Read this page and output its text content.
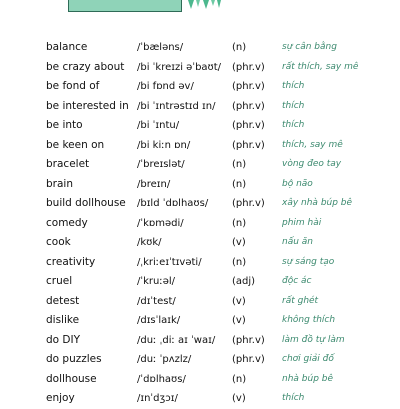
balance	/ˈbæləns/	(n)	sự cân bằng
be crazy about /bi ˈkreɪzi əˈbaʊt/ (phr.v) rất thích, say mê
be fond of	/bi fɒnd əv/	(phr.v) thích
be interested in /bi ˈɪntrəstɪd ɪn/ (phr.v) thích
be into	/bi ˈɪntu/	(phr.v) thích
be keen on	/bi kiːn ɒn/	(phr.v) thích, say mê
bracelet	/ˈbreɪslət/	(n)	vòng đeo tay
brain	/breɪn/	(n)	bộ não
build dollhouse /bɪld ˈdɒlhaʊs/ (phr.v) xây nhà búp bê
comedy	/ˈkɒmədi/	(n)	phim hài
cook	/kʊk/	(v)	nấu ăn
creativity	/ˌkriːeɪˈtɪvəti/	(n)	sự sáng tạo
cruel	/ˈkruːəl/	(adj)	độc ác
detest	/dɪˈtest/	(v)	rất ghét
dislike	/dɪsˈlaɪk/	(v)	không thích
do DIY	/duː ˌdiː aɪ ˈwaɪ/ (phr.v) làm đồ tự làm
do puzzles	/duː ˈpʌzlz/	(phr.v) chơi giải đố
dollhouse	/ˈdɒlhaʊs/	(n)	nhà búp bê
enjoy	/ɪnˈdʒɔɪ/	(v)	thích
